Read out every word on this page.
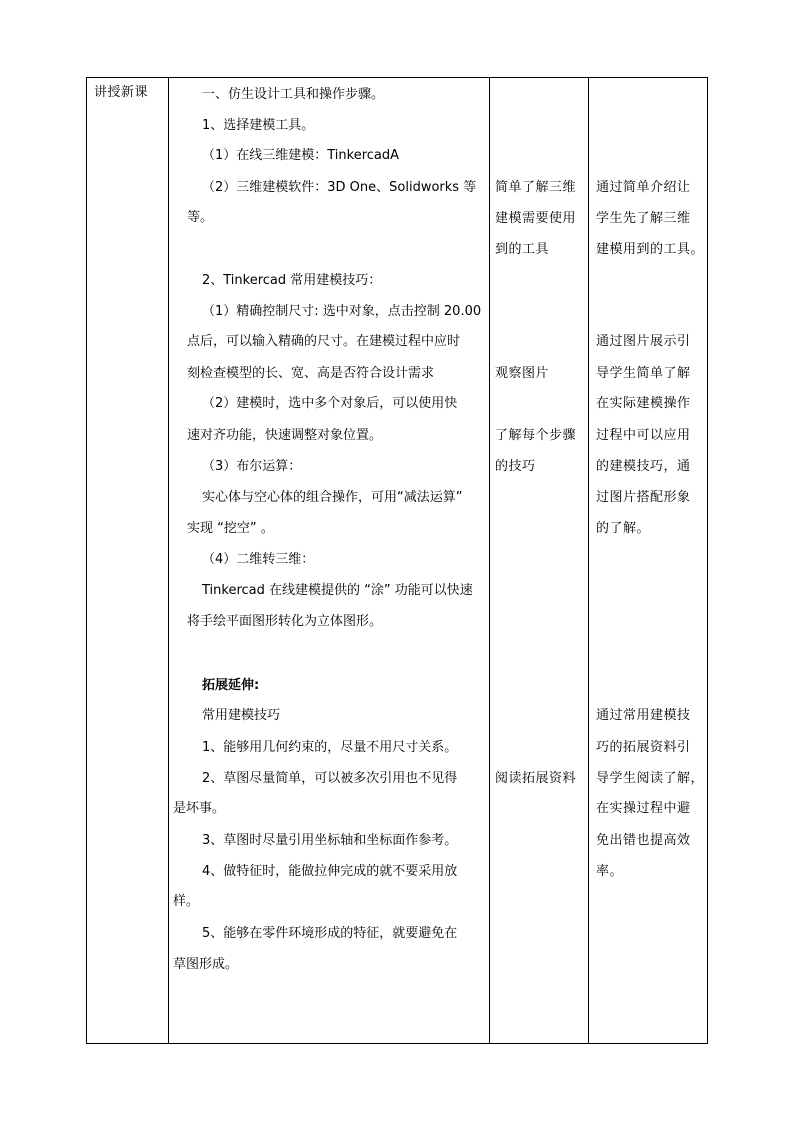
讲授新课	一、仿生设计工具和操作步骤。
1、选择建模工具。
（1）在线三维建模：TinkercadA
（2）三维建模软件：3D One、Solidworks 等
等。
2、Tinkercad 常用建模技巧：
（1）精确控制尺寸: 选中对象，点击控制 20.00
点后，可以输入精确的尺寸。在建模过程中应时
刻检查模型的长、宽、高是否符合设计需求
（2）建模时，选中多个对象后，可以使用快
速对齐功能，快速调整对象位置。
（3）布尔运算：
实心体与空心体的组合操作，可用“减法运算”
实现 “挖空” 。
（4）二维转三维：
Tinkercad 在线建模提供的 “涂” 功能可以快速
将手绘平面图形转化为立体图形。
拓展延伸:
常用建模技巧
1、能够用几何约束的，尽量不用尺寸关系。
2、草图尽量简单，可以被多次引用也不见得
是坏事。
3、草图时尽量引用坐标轴和坐标面作参考。
4、做特征时，能做拉伸完成的就不要采用放
样。
5、能够在零件环境形成的特征，就要避免在
草图形成。
简单了解三维
建模需要使用
到的工具
观察图片
了解每个步骤
的技巧
阅读拓展资料
通过简单介绍让
学生先了解三维
建模用到的工具。
通过图片展示引
导学生简单了解
在实际建模操作
过程中可以应用
的建模技巧，通
过图片搭配形象
的了解。
通过常用建模技
巧的拓展资料引
导学生阅读了解，
在实操过程中避
免出错也提高效
率。
